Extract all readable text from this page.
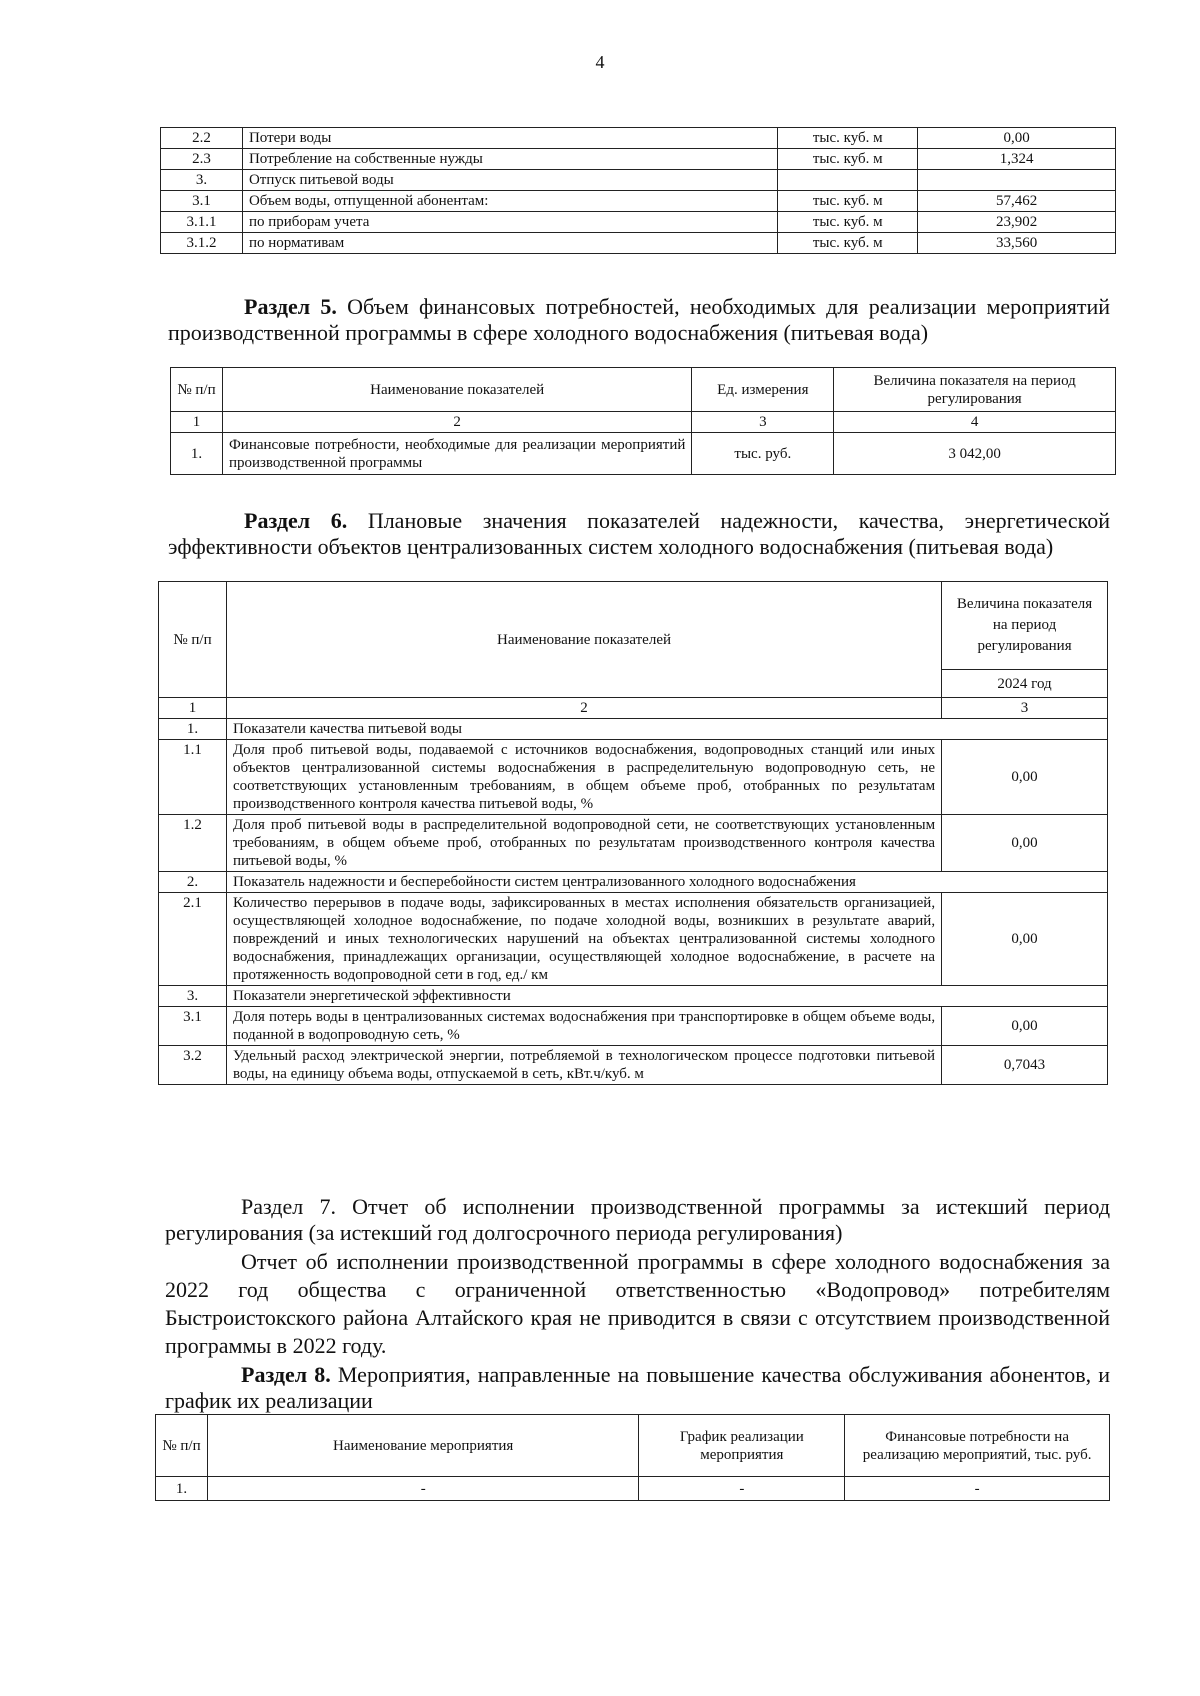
4
2.2	Потери воды	тыс. куб. м	0,00
2.3	Потребление на собственные нужды	тыс. куб. м	1,324
3.	Отпуск питьевой воды		
3.1	Объем воды, отпущенной абонентам:	тыс. куб. м	57,462
3.1.1	по приборам учета	тыс. куб. м	23,902
3.1.2	по нормативам	тыс. куб. м	33,560
Раздел 5. Объем финансовых потребностей, необходимых для реализации мероприятий производственной программы в сфере холодного водоснабжения (питьевая вода)
№ п/п	Наименование показателей	Ед. измерения	Величина показателя на период регулирования
1	2	3	4
1.	Финансовые потребности, необходимые для реализации мероприятий производственной программы	тыс. руб.	3 042,00
Раздел 6. Плановые значения показателей надежности, качества, энергетической эффективности объектов централизованных систем холодного водоснабжения (питьевая вода)
№ п/п	Наименование показателей	Величина показателя на период регулирования
		2024 год
1	2	3
1.	Показатели качества питьевой воды	
1.1	Доля проб питьевой воды, подаваемой с источников водоснабжения, водопроводных станций или иных объектов централизованной системы водоснабжения в распределительную водопроводную сеть, не соответствующих установленным требованиям, в общем объеме проб, отобранных по результатам производственного контроля качества питьевой воды, %	0,00
1.2	Доля проб питьевой воды в распределительной водопроводной сети, не соответствующих установленным требованиям, в общем объеме проб, отобранных по результатам производственного контроля качества питьевой воды, %	0,00
2.	Показатель надежности и бесперебойности систем централизованного холодного водоснабжения	
2.1	Количество перерывов в подаче воды, зафиксированных в местах исполнения обязательств организацией, осуществляющей холодное водоснабжение, по подаче холодной воды, возникших в результате аварий, повреждений и иных технологических нарушений на объектах централизованной системы холодного водоснабжения, принадлежащих организации, осуществляющей холодное водоснабжение, в расчете на протяженность водопроводной сети в год, ед./ км	0,00
3.	Показатели энергетической эффективности	
3.1	Доля потерь воды в централизованных системах водоснабжения при транспортировке в общем объеме воды, поданной в водопроводную сеть, %	0,00
3.2	Удельный расход электрической энергии, потребляемой в технологическом процессе подготовки питьевой воды, на единицу объема воды, отпускаемой в сеть, кВт.ч/куб. м	0,7043
Раздел 7. Отчет об исполнении производственной программы за истекший период регулирования (за истекший год долгосрочного периода регулирования)
Отчет об исполнении производственной программы в сфере холодного водоснабжения за 2022 год общества с ограниченной ответственностью «Водопровод» потребителям Быстроистокского района Алтайского края не приводится в связи с отсутствием производственной программы в 2022 году.
Раздел 8. Мероприятия, направленные на повышение качества обслуживания абонентов, и график их реализации
№ п/п	Наименование мероприятия	График реализации мероприятия	Финансовые потребности на реализацию мероприятий, тыс. руб.
1.	-	-	-
